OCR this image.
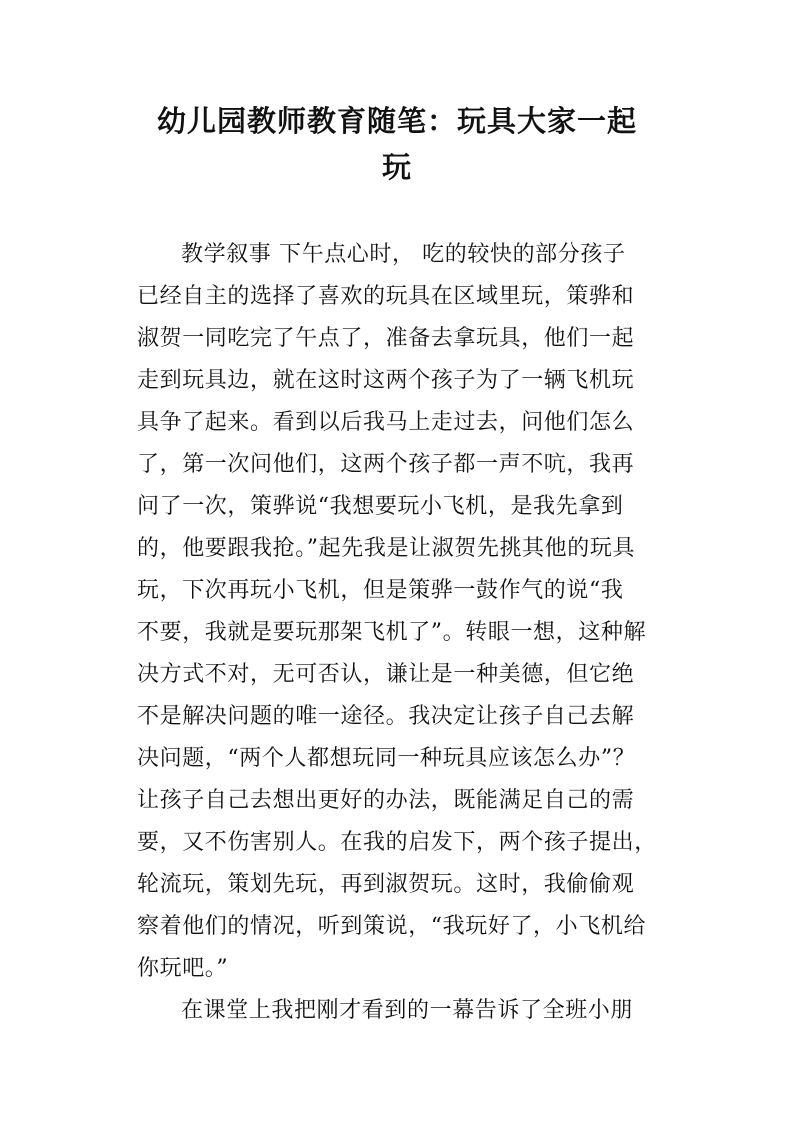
幼儿园教师教育随笔：玩具大家一起
玩
教学叙事 下午点心时， 吃的较快的部分孩子
已经自主的选择了喜欢的玩具在区域里玩，策骅和
淑贺一同吃完了午点了，准备去拿玩具，他们一起
走到玩具边，就在这时这两个孩子为了一辆飞机玩
具争了起来。看到以后我马上走过去，问他们怎么
了，第一次问他们，这两个孩子都一声不吭，我再
问了一次，策骅说“我想要玩小飞机，是我先拿到
的，他要跟我抢。”起先我是让淑贺先挑其他的玩具
玩，下次再玩小飞机，但是策骅一鼓作气的说“我
不要，我就是要玩那架飞机了”。转眼一想，这种解
决方式不对，无可否认，谦让是一种美德，但它绝
不是解决问题的唯一途径。我决定让孩子自己去解
决问题，“两个人都想玩同一种玩具应该怎么办”？
让孩子自己去想出更好的办法，既能满足自己的需
要，又不伤害别人。在我的启发下，两个孩子提出，
轮流玩，策划先玩，再到淑贺玩。这时，我偷偷观
察着他们的情况，听到策说，“我玩好了，小飞机给
你玩吧。”
在课堂上我把刚才看到的一幕告诉了全班小朋
